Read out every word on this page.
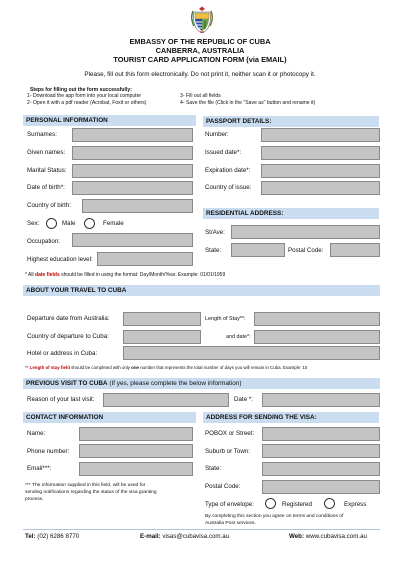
EMBASSY OF THE REPUBLIC OF CUBA
CANBERRA, AUSTRALIA
TOURIST CARD APPLICATION FORM (via EMAIL)
Please, fill out this form electronically. Do not print it, neither scan it or photocopy it.
Steps for filling out the form successfully:
1- Download the app form into your local computer
2- Open it with a pdf reader (Acrobat, Foxit or others)
3- Fill out all fields
4- Save the file (Click in the "Save as" button and rename it)
PERSONAL INFORMATION	PASSPORT DETAILS:
Surnames:
Given names:
Marital Status:
Date of birth*:
Country of birth:
Sex:	Male	Female
Occupation:
Highest education level:
Number:
Issued date*:
Expiration date*:
Country of issue:
RESIDENTIAL ADDRESS:
St/Ave:
State:	Postal Code:
* All date fields should be filled in using the format: Day/Month/Year. Example: 01/01/1959
ABOUT YOUR TRAVEL TO CUBA
Departure date from Australia:	Length of Stay**:
Country of departure to Cuba:	and date*:
Hotel or address in Cuba:
** Length of stay field should be completed with only one number that represents the total number of days you will remain in Cuba. Example: 10
PREVIOUS VISIT TO CUBA (If yes, please complete the below information)
Reason of your last visit:	Date *:
CONTACT INFORMATION	ADDRESS FOR SENDING THE VISA:
Name:
Phone number:
Email***:
*** The information supplied in this field, will be used for
sending notifications regarding the status of the visa granting
process.
POBOX or Street:
Suburb or Town:
State:
Postal Code:
Type of envelope:	Registered	Express
By completing this section you agree on terms and conditions of
Australia Post services.
Tel: (02) 6286 8770	E-mail: visas@cubavisa.com.au	Web: www.cubavisa.com.au
